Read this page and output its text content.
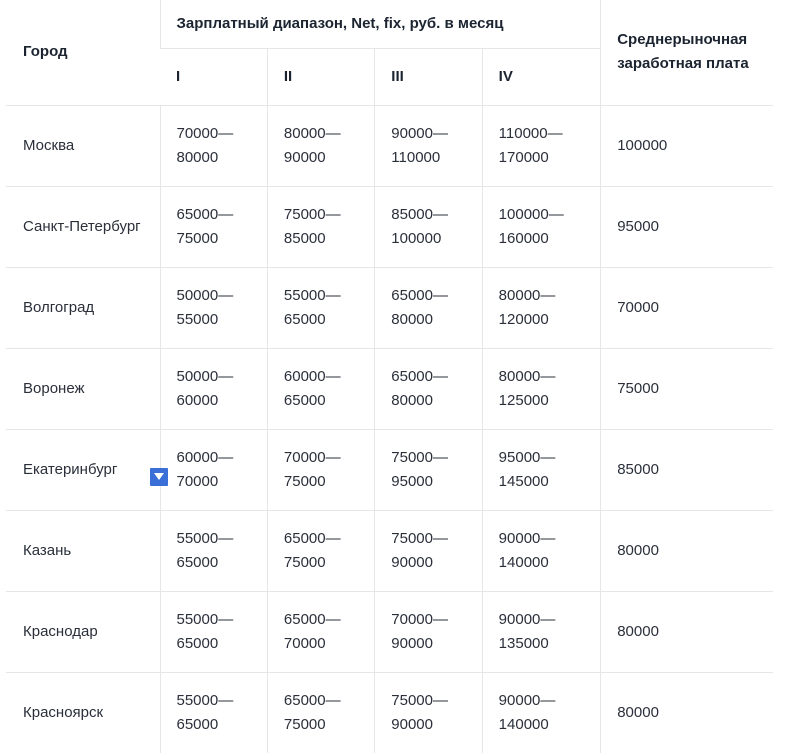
Город	Зарплатный диапазон, Net, fix, руб. в месяц				Среднерыночная заработная плата
	I	II	III	IV	
Москва	70000—80000	80000—90000	90000—110000	110000—170000	100000
Санкт-Петербург	65000—75000	75000—85000	85000—100000	100000—160000	95000
Волгоград	50000—55000	55000—65000	65000—80000	80000—120000	70000
Воронеж	50000—60000	60000—65000	65000—80000	80000—125000	75000

Екатеринбург	60000—70000	70000—75000	75000—95000	95000—145000	85000
Казань	55000—65000	65000—75000	75000—90000	90000—140000	80000
Краснодар	55000—65000	65000—70000	70000—90000	90000—135000	80000
Красноярск	55000—65000	65000—75000	75000—90000	90000—140000	80000
